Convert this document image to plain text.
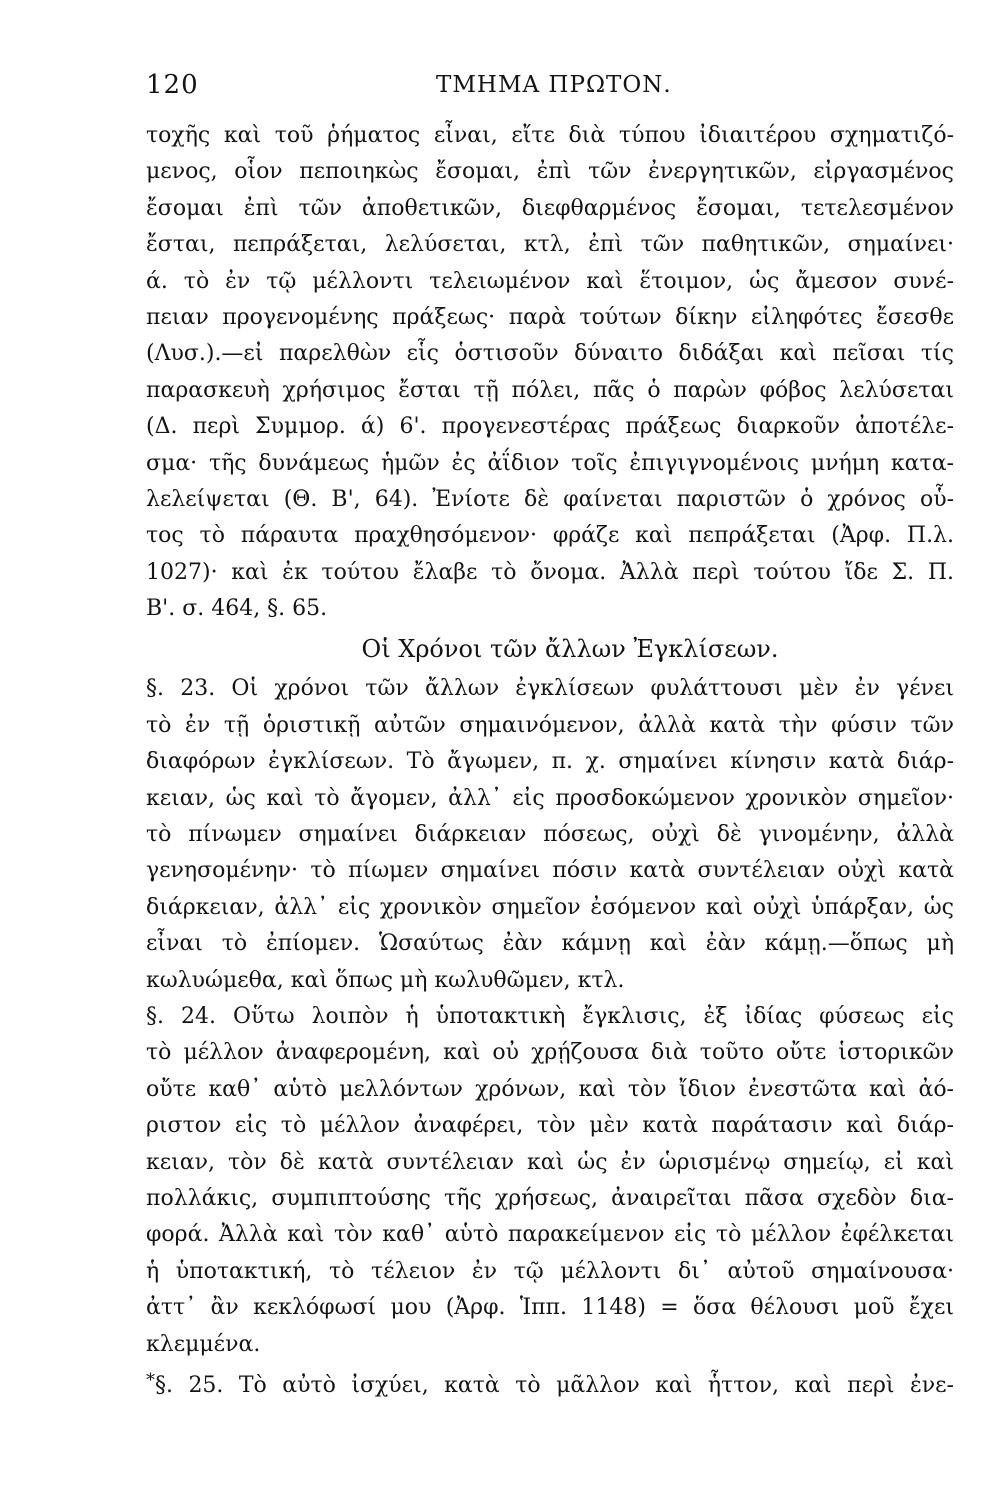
120	ΤΜΗΜΑ ΠΡΩΤΟΝ.
τοχῆς καὶ τοῦ ῥήματος εἶναι, εἴτε διὰ τύπου ἰδιαιτέρου σχηματιζό-
μενος, οἷον πεποιηκὼς ἔσομαι, ἐπὶ τῶν ἐνεργητικῶν, εἰργασμένος
ἔσομαι ἐπὶ τῶν ἀποθετικῶν, διεφθαρμένος ἔσομαι, τετελεσμένον
ἔσται, πεπράξεται, λελύσεται, κτλ, ἐπὶ τῶν παθητικῶν, σημαίνει·
ά. τὸ ἐν τῷ μέλλοντι τελειωμένον καὶ ἕτοιμον, ὡς ἄμεσον συνέ-
πειαν προγενομένης πράξεως· παρὰ τούτων δίκην εἰληφότες ἔσεσθε
(Λυσ.).—εἰ παρελθὼν εἷς ὁστισοῦν δύναιτο διδάξαι καὶ πεῖσαι τίς
παρασκευὴ χρήσιμος ἔσται τῇ πόλει, πᾶς ὁ παρὼν φόβος λελύσεται
(Δ. περὶ Συμμορ. ά) 6'. προγενεστέρας πράξεως διαρκοῦν ἀποτέλε-
σμα· τῆς δυνάμεως ἡμῶν ἐς ἀΐδιον τοῖς ἐπιγιγνομένοις μνήμη κατα-
λελείψεται (Θ. Β', 64). Ἐνίοτε δὲ φαίνεται παριστῶν ὁ χρόνος οὗ-
τος τὸ πάραυτα πραχθησόμενον· φράζε καὶ πεπράξεται (Ἀρφ. Π.λ.
1027)· καὶ ἐκ τούτου ἔλαβε τὸ ὄνομα. Ἀλλὰ περὶ τούτου ἴδε Σ. Π.
Β'. σ. 464, §. 65.
Οἱ Χρόνοι τῶν ἄλλων Ἐγκλίσεων.
§. 23. Οἱ χρόνοι τῶν ἄλλων ἐγκλίσεων φυλάττουσι μὲν ἐν γένει
τὸ ἐν τῇ ὁριστικῇ αὐτῶν σημαινόμενον, ἀλλὰ κατὰ τὴν φύσιν τῶν
διαφόρων ἐγκλίσεων. Τὸ ἄγωμεν, π. χ. σημαίνει κίνησιν κατὰ διάρ-
κειαν, ὡς καὶ τὸ ἄγομεν, ἀλλ᾽ εἰς προσδοκώμενον χρονικὸν σημεῖον·
τὸ πίνωμεν σημαίνει διάρκειαν πόσεως, οὐχὶ δὲ γινομένην, ἀλλὰ
γενησομένην· τὸ πίωμεν σημαίνει πόσιν κατὰ συντέλειαν οὐχὶ κατὰ
διάρκειαν, ἀλλ᾽ εἰς χρονικὸν σημεῖον ἐσόμενον καὶ οὐχὶ ὑπάρξαν, ὡς
εἶναι τὸ ἐπίομεν. Ὡσαύτως ἐὰν κάμνῃ καὶ ἐὰν κάμῃ.—ὅπως μὴ
κωλυώμεθα, καὶ ὅπως μὴ κωλυθῶμεν, κτλ.
§. 24. Οὕτω λοιπὸν ἡ ὑποτακτικὴ ἔγκλισις, ἐξ ἰδίας φύσεως εἰς
τὸ μέλλον ἀναφερομένη, καὶ οὐ χρῄζουσα διὰ τοῦτο οὔτε ἱστορικῶν
οὔτε καθ᾽ αὑτὸ μελλόντων χρόνων, καὶ τὸν ἴδιον ἐνεστῶτα καὶ ἀό-
ριστον εἰς τὸ μέλλον ἀναφέρει, τὸν μὲν κατὰ παράτασιν καὶ διάρ-
κειαν, τὸν δὲ κατὰ συντέλειαν καὶ ὡς ἐν ὡρισμένῳ σημείῳ, εἰ καὶ
πολλάκις, συμπιπτούσης τῆς χρήσεως, ἀναιρεῖται πᾶσα σχεδὸν δια-
φορά. Ἀλλὰ καὶ τὸν καθ᾽ αὑτὸ παρακείμενον εἰς τὸ μέλλον ἐφέλκεται
ἡ ὑποτακτική, τὸ τέλειον ἐν τῷ μέλλοντι δι᾽ αὐτοῦ σημαίνουσα·
ἀττ᾽ ἂν κεκλόφωσί μου (Ἀρφ. Ἱππ. 1148) = ὅσα θέλουσι μοῦ ἔχει
κλεμμένα.
*§. 25. Τὸ αὐτὸ ἰσχύει, κατὰ τὸ μᾶλλον καὶ ἧττον, καὶ περὶ ἐνε-
